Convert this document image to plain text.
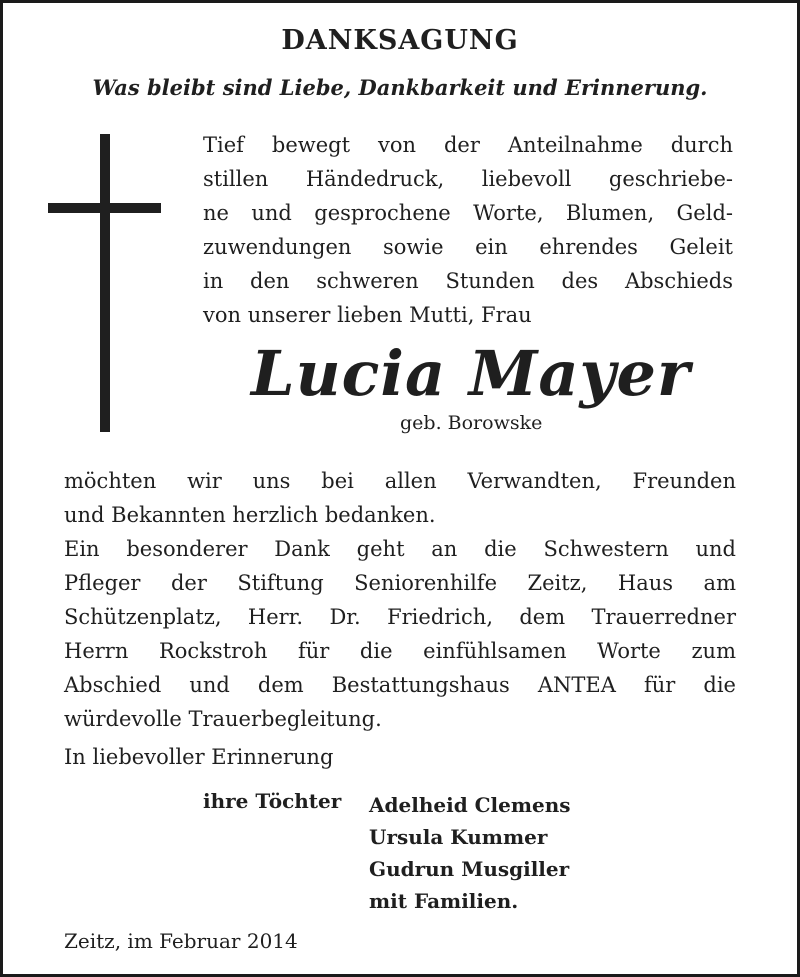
DANKSAGUNG
Was bleibt sind Liebe, Dankbarkeit und Erinnerung.
Tief bewegt von der Anteilnahme durch
stillen Händedruck, liebevoll geschriebe-
ne und gesprochene Worte, Blumen, Geld-
zuwendungen sowie ein ehrendes Geleit
in den schweren Stunden des Abschieds
von unserer lieben Mutti, Frau
Lucia Mayer
geb. Borowske
möchten wir uns bei allen Verwandten, Freunden
und Bekannten herzlich bedanken.
Ein besonderer Dank geht an die Schwestern und
Pfleger der Stiftung Seniorenhilfe Zeitz, Haus am
Schützenplatz, Herr. Dr. Friedrich, dem Trauerredner
Herrn Rockstroh für die einfühlsamen Worte zum
Abschied und dem Bestattungshaus ANTEA für die
würdevolle Trauerbegleitung.
In liebevoller Erinnerung
ihre Töchter Adelheid Clemens
Ursula Kummer
Gudrun Musgiller
mit Familien.
Zeitz, im Februar 2014
